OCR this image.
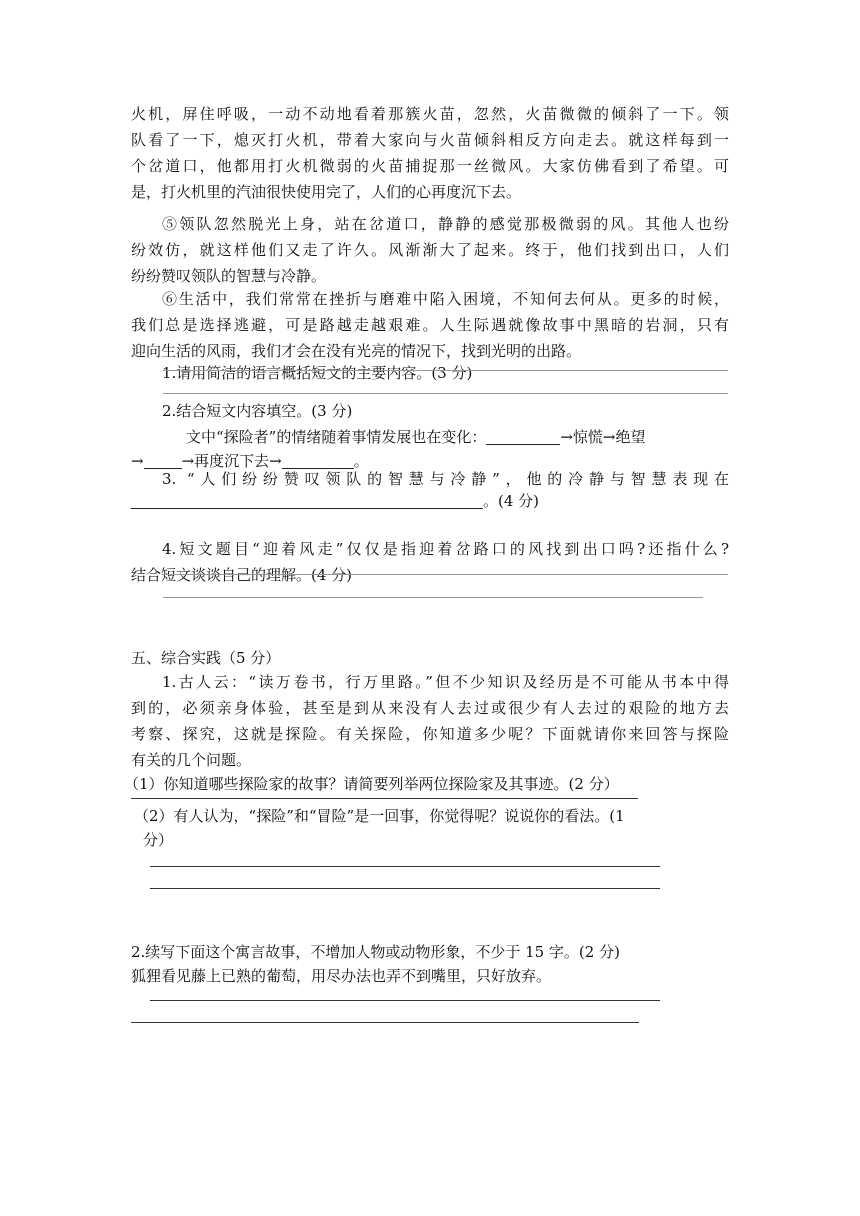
火机，屏住呼吸，一动不动地看着那簇火苗，忽然，火苗微微的倾斜了一下。领

队看了一下，熄灭打火机，带着大家向与火苗倾斜相反方向走去。就这样每到一

个岔道口，他都用打火机微弱的火苗捕捉那一丝微风。大家仿佛看到了希望。可

是，打火机里的汽油很快使用完了，人们的心再度沉下去。

⑤领队忽然脱光上身，站在岔道口，静静的感觉那极微弱的风。其他人也纷

纷效仿，就这样他们又走了许久。风渐渐大了起来。终于，他们找到出口，人们

纷纷赞叹领队的智慧与冷静。

⑥生活中，我们常常在挫折与磨难中陷入困境，不知何去何从。更多的时候，

我们总是选择逃避，可是路越走越艰难。人生际遇就像故事中黑暗的岩洞，只有

迎向生活的风雨，我们才会在没有光亮的情况下，找到光明的出路。

1.请用简洁的语言概括短文的主要内容。(3 分)

2.结合短文内容填空。(3 分)

文中“探险者”的情绪随着事情发展也在变化：	→惊慌→绝望

→	→再度沉下去→	。

3. “人们纷纷赞叹领队的智慧与冷静”，他的冷静与智慧表现在

。(4 分)

4.短文题目“迎着风走”仅仅是指迎着岔路口的风找到出口吗?还指什么?

结合短文谈谈自己的理解。(4 分)

五、综合实践（5 分）

1.古人云：“读万卷书，行万里路。”但不少知识及经历是不可能从书本中得

到的，必须亲身体验，甚至是到从来没有人去过或很少有人去过的艰险的地方去

考察、探究，这就是探险。有关探险，你知道多少呢？下面就请你来回答与探险

有关的几个问题。

（1）你知道哪些探险家的故事？请简要列举两位探险家及其事迹。(2 分）

（2）有人认为，“探险”和“冒险”是一回事，你觉得呢？说说你的看法。(1

分）

2.续写下面这个寓言故事，不增加人物或动物形象，不少于 15 字。(2 分)

狐狸看见藤上已熟的葡萄，用尽办法也弄不到嘴里，只好放弃。
